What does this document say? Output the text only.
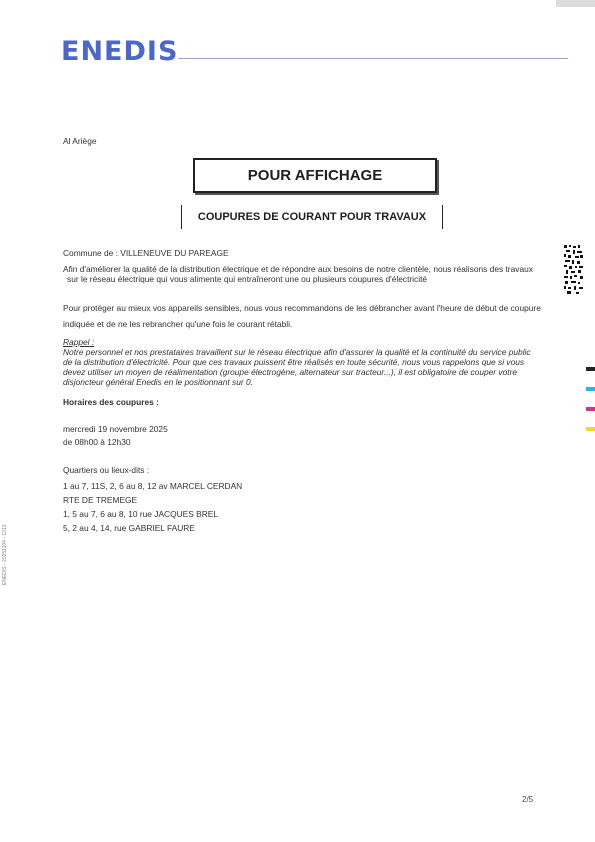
ENEDIS

Al Ariège

POUR AFFICHAGE
COUPURES DE COURANT POUR TRAVAUX

Commune de : VILLENEUVE DU PAREAGE

Afin d'améliorer la qualité de la distribution électrique et de répondre aux besoins de notre clientèle, nous réalisons des travaux

sur le réseau électrique qui vous alimente qui entraîneront une ou plusieurs coupures d'électricité

Pour protéger au mieux vos appareils sensibles, nous vous recommandons de les débrancher avant l'heure de début de coupure

indiquée et de ne les rebrancher qu'une fois le courant rétabli.

Rappel :

Notre personnel et nos prestataires travaillent sur le réseau électrique afin d'assurer la qualité et la continuité du service public

de la distribution d'électricité. Pour que ces travaux puissent être réalisés en toute sécurité, nous vous rappelons que si vous

devez utiliser un moyen de réalimentation (groupe électrogène, alternateur sur tracteur...), il est obligatoire de couper votre

disjoncteur général Enedis en le positionnant sur 0.

Horaires des coupures :

mercredi 19 novembre 2025

de 08h00 à 12h30

Quartiers ou lieux-dits :

1 au 7, 11S, 2, 6 au 8, 12 av MARCEL CERDAN

RTE DE TREMEGE

1, 5 au 7, 6 au 8, 10 rue JACQUES BREL

5, 2 au 4, 14, rue GABRIEL FAURE

ENEDIS - 20251104 - 1313

2/5
